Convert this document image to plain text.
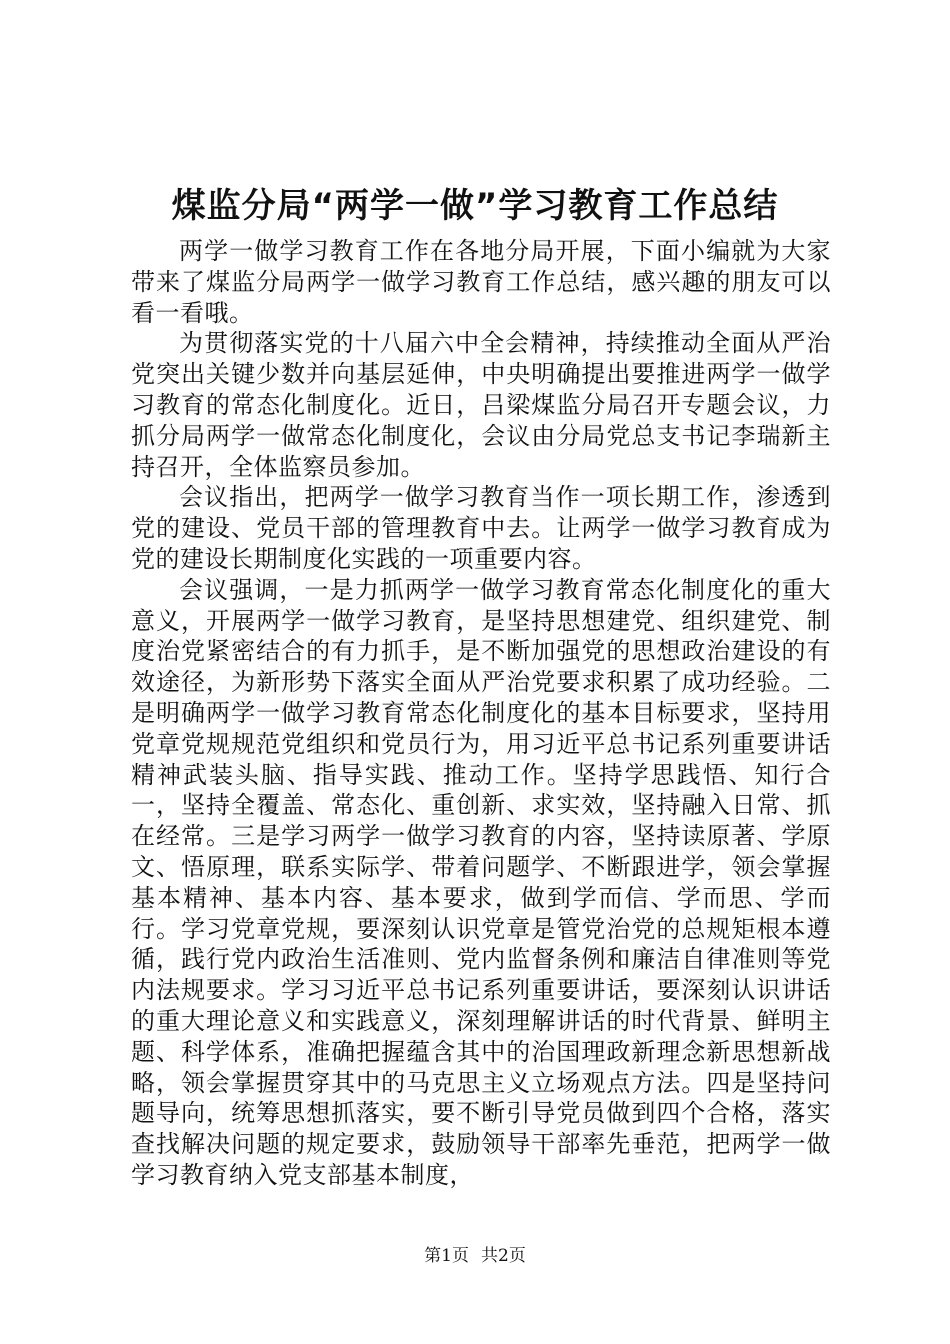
煤监分局“两学一做”学习教育工作总结

两学一做学习教育工作在各地分局开展，下面小编就为大家带来了煤监分局两学一做学习教育工作总结，感兴趣的朋友可以看一看哦。

为贯彻落实党的十八届六中全会精神，持续推动全面从严治党突出关键少数并向基层延伸，中央明确提出要推进两学一做学习教育的常态化制度化。近日，吕梁煤监分局召开专题会议，力抓分局两学一做常态化制度化，会议由分局党总支书记李瑞新主持召开，全体监察员参加。

会议指出，把两学一做学习教育当作一项长期工作，渗透到党的建设、党员干部的管理教育中去。让两学一做学习教育成为党的建设长期制度化实践的一项重要内容。

会议强调，一是力抓两学一做学习教育常态化制度化的重大意义，开展两学一做学习教育，是坚持思想建党、组织建党、制度治党紧密结合的有力抓手，是不断加强党的思想政治建设的有效途径，为新形势下落实全面从严治党要求积累了成功经验。二是明确两学一做学习教育常态化制度化的基本目标要求，坚持用党章党规规范党组织和党员行为，用习近平总书记系列重要讲话精神武装头脑、指导实践、推动工作。坚持学思践悟、知行合一，坚持全覆盖、常态化、重创新、求实效，坚持融入日常、抓在经常。三是学习两学一做学习教育的内容，坚持读原著、学原文、悟原理，联系实际学、带着问题学、不断跟进学，领会掌握基本精神、基本内容、基本要求，做到学而信、学而思、学而行。学习党章党规，要深刻认识党章是管党治党的总规矩根本遵循，践行党内政治生活准则、党内监督条例和廉洁自律准则等党内法规要求。学习习近平总书记系列重要讲话，要深刻认识讲话的重大理论意义和实践意义，深刻理解讲话的时代背景、鲜明主题、科学体系，准确把握蕴含其中的治国理政新理念新思想新战略，领会掌握贯穿其中的马克思主义立场观点方法。四是坚持问题导向，统筹思想抓落实，要不断引导党员做到四个合格，落实查找解决问题的规定要求，鼓励领导干部率先垂范，把两学一做学习教育纳入党支部基本制度，

第1页 共2页
